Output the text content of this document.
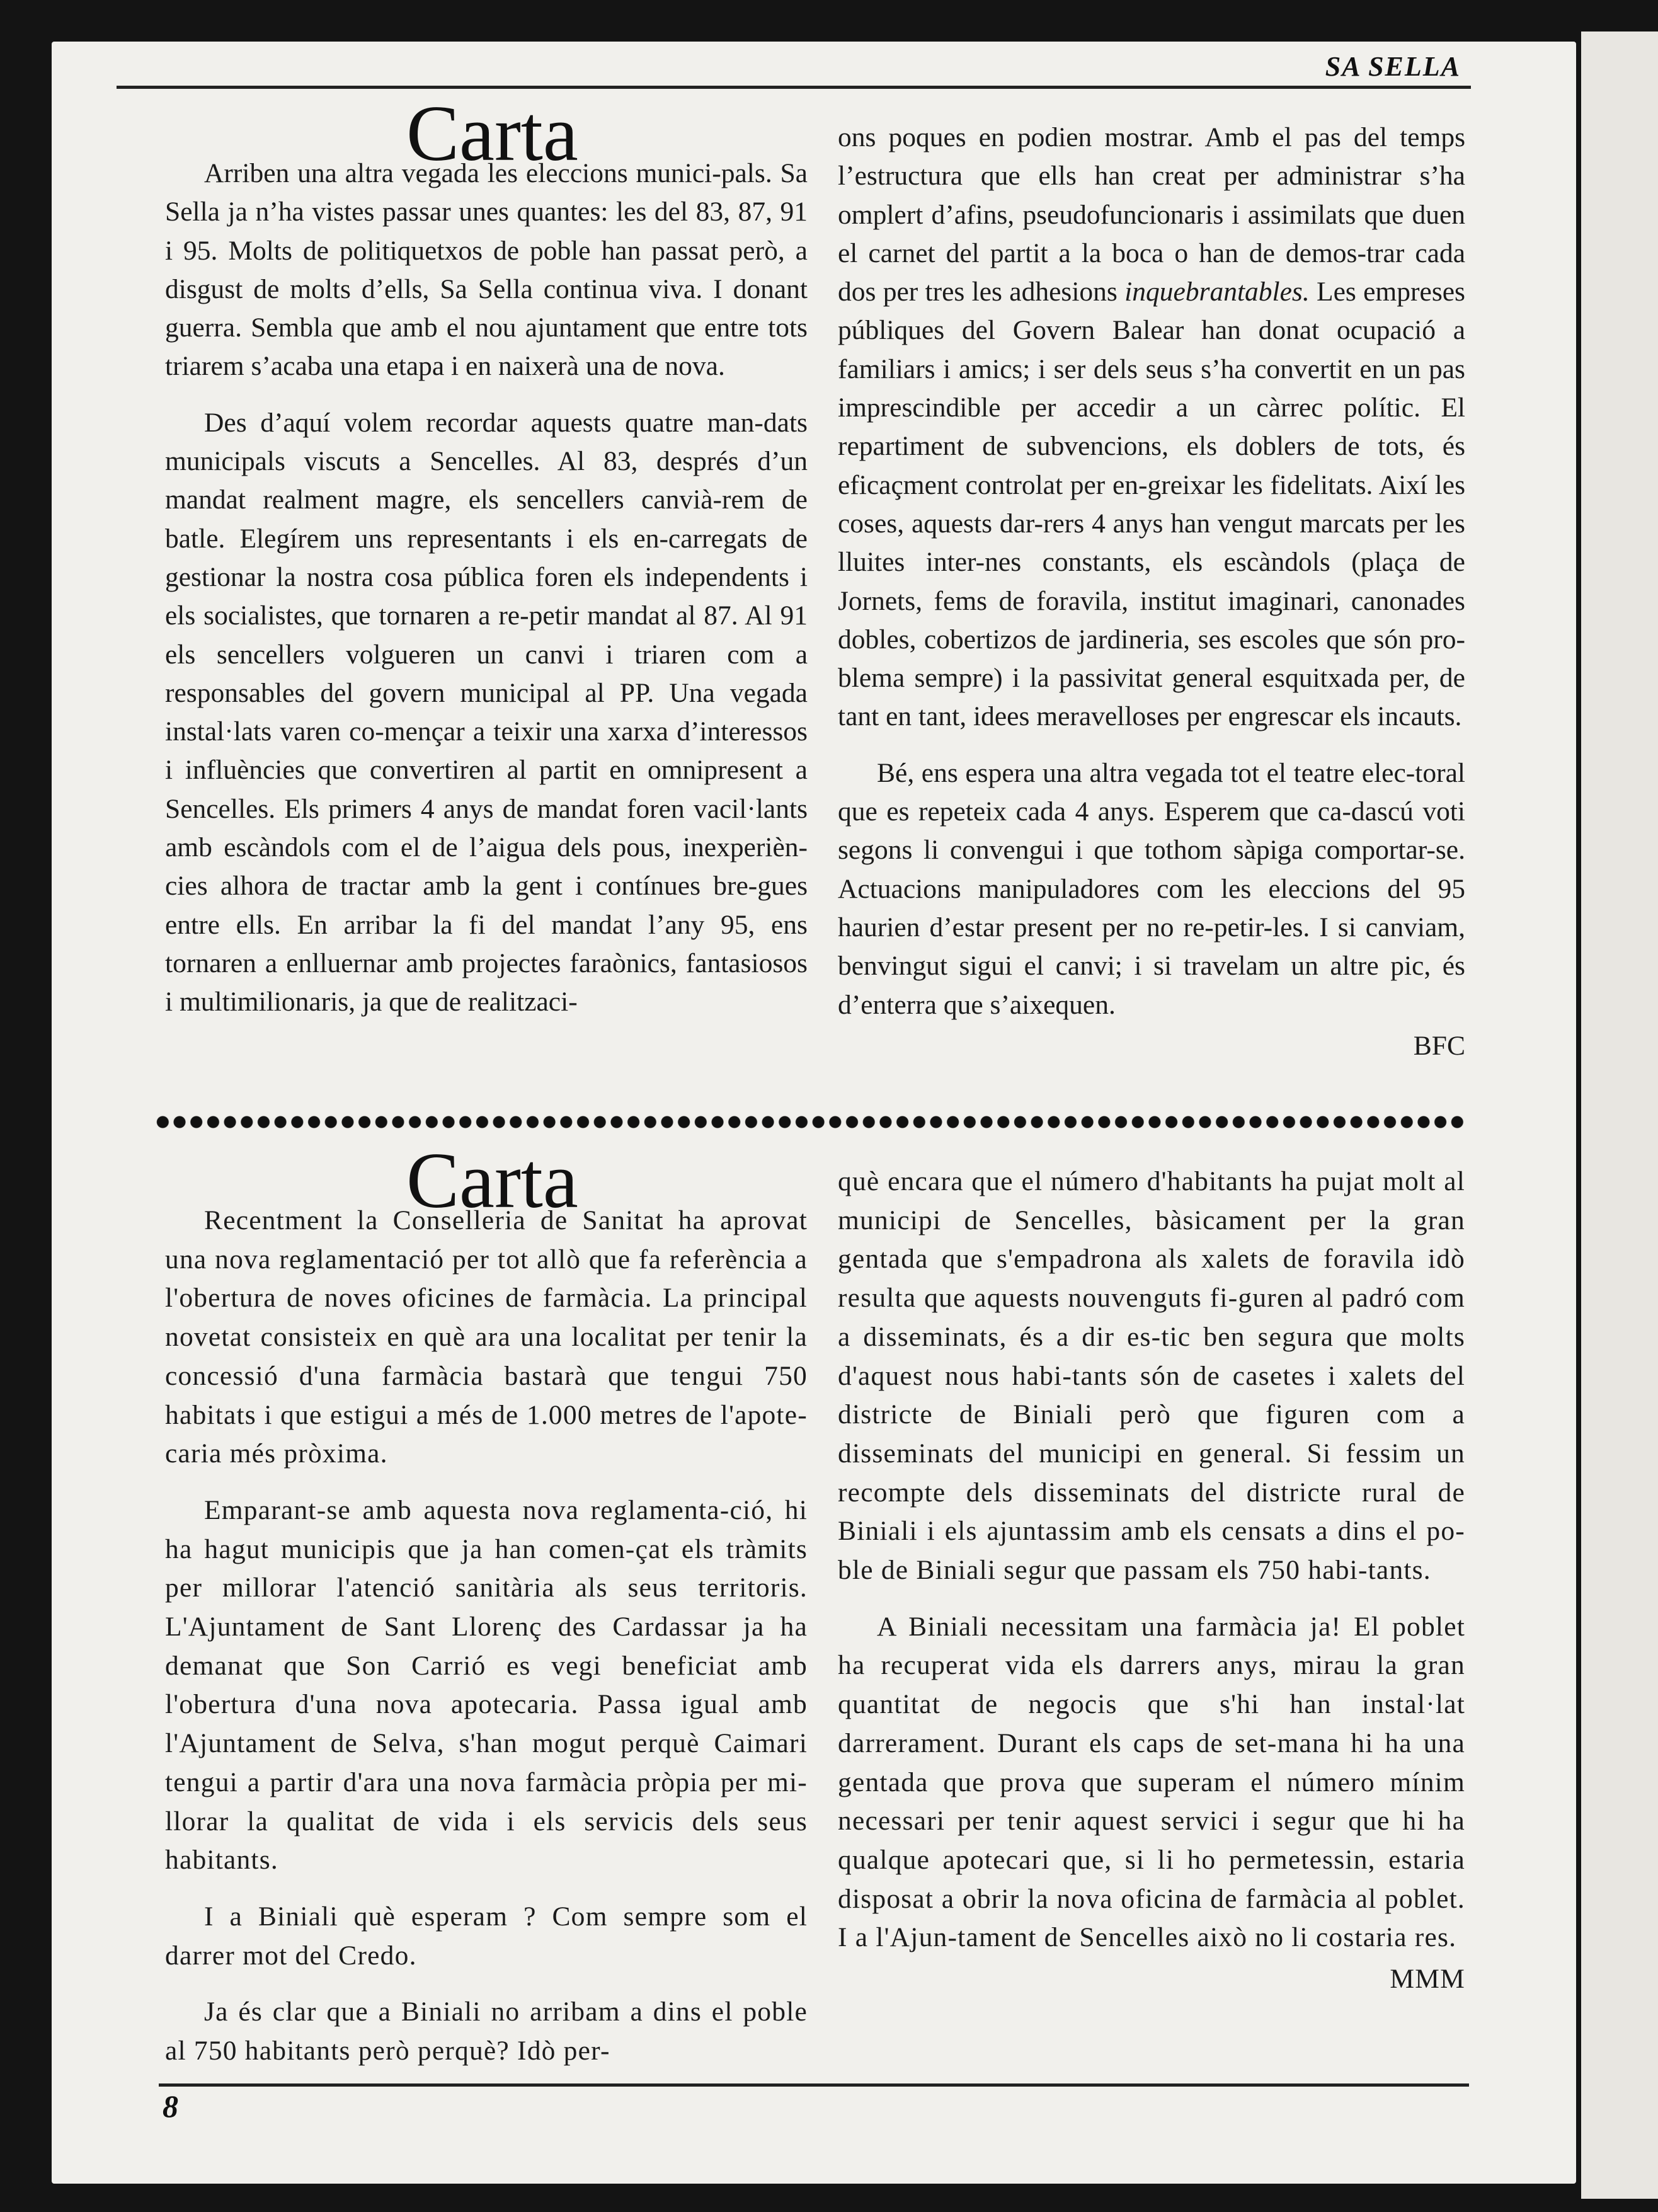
SA SELLA
Carta

Arriben una altra vegada les eleccions munici-pals. Sa Sella ja n’ha vistes passar unes quantes: les del 83, 87, 91 i 95. Molts de politiquetxos de poble han passat però, a disgust de molts d’ells, Sa Sella continua viva. I donant guerra. Sembla que amb el nou ajuntament que entre tots triarem s’acaba una etapa i en naixerà una de nova.

Des d’aquí volem recordar aquests quatre man-dats municipals viscuts a Sencelles. Al 83, després d’un mandat realment magre, els sencellers canvià-rem de batle. Elegírem uns representants i els en-carregats de gestionar la nostra cosa pública foren els independents i els socialistes, que tornaren a re-petir mandat al 87. Al 91 els sencellers volgueren un canvi i triaren com a responsables del govern municipal al PP. Una vegada instal·lats varen co-mençar a teixir una xarxa d’interessos i influències que convertiren al partit en omnipresent a Sencelles. Els primers 4 anys de mandat foren vacil·lants amb escàndols com el de l’aigua dels pous, inexperièn-cies alhora de tractar amb la gent i contínues bre-gues entre ells. En arribar la fi del mandat l’any 95, ens tornaren a enlluernar amb projectes faraònics, fantasiosos i multimilionaris, ja que de realitzaci-

ons poques en podien mostrar. Amb el pas del temps l’estructura que ells han creat per administrar s’ha omplert d’afins, pseudofuncionaris i assimilats que duen el carnet del partit a la boca o han de demos-trar cada dos per tres les adhesions inquebrantables. Les empreses públiques del Govern Balear han donat ocupació a familiars i amics; i ser dels seus s’ha convertit en un pas imprescindible per accedir a un càrrec polític. El repartiment de subvencions, els doblers de tots, és eficaçment controlat per en-greixar les fidelitats. Així les coses, aquests dar-rers 4 anys han vengut marcats per les lluites inter-nes constants, els escàndols (plaça de Jornets, fems de foravila, institut imaginari, canonades dobles, cobertizos de jardineria, ses escoles que són pro-blema sempre) i la passivitat general esquitxada per, de tant en tant, idees meravelloses per engrescar els incauts.

Bé, ens espera una altra vegada tot el teatre elec-toral que es repeteix cada 4 anys. Esperem que ca-dascú voti segons li convengui i que tothom sàpiga comportar-se. Actuacions manipuladores com les eleccions del 95 haurien d’estar present per no re-petir-les. I si canviam, benvingut sigui el canvi; i si travelam un altre pic, és d’enterra que s’aixequen.

BFC

Carta

Recentment la Conselleria de Sanitat ha aprovat una nova reglamentació per tot allò que fa referència a l'obertura de noves oficines de farmàcia. La principal novetat consisteix en què ara una localitat per tenir la concessió d'una farmàcia bastarà que tengui 750 habitats i que estigui a més de 1.000 metres de l'apote-caria més pròxima.

Emparant-se amb aquesta nova reglamenta-ció, hi ha hagut municipis que ja han comen-çat els tràmits per millorar l'atenció sanitària als seus territoris. L'Ajuntament de Sant Llorenç des Cardassar ja ha demanat que Son Carrió es vegi beneficiat amb l'obertura d'una nova apotecaria. Passa igual amb l'Ajuntament de Selva, s'han mogut perquè Caimari tengui a partir d'ara una nova farmàcia pròpia per mi-llorar la qualitat de vida i els servicis dels seus habitants.

I a Biniali què esperam ? Com sempre som el darrer mot del Credo.

Ja és clar que a Biniali no arribam a dins el poble al 750 habitants però perquè? Idò per-

què encara que el número d'habitants ha pujat molt al municipi de Sencelles, bàsicament per la gran gentada que s'empadrona als xalets de foravila idò resulta que aquests nouvenguts fi-guren al padró com a disseminats, és a dir es-tic ben segura que molts d'aquest nous habi-tants són de casetes i xalets del districte de Biniali però que figuren com a disseminats del municipi en general. Si fessim un recompte dels disseminats del districte rural de Biniali i els ajuntassim amb els censats a dins el po-ble de Biniali segur que passam els 750 habi-tants.

A Biniali necessitam una farmàcia ja! El poblet ha recuperat vida els darrers anys, mirau la gran quantitat de negocis que s'hi han instal·lat darrerament. Durant els caps de set-mana hi ha una gentada que prova que superam el número mínim necessari per tenir aquest servici i segur que hi ha qualque apotecari que, si li ho permetessin, estaria disposat a obrir la nova oficina de farmàcia al poblet. I a l'Ajun-tament de Sencelles això no li costaria res.

MMM

8
